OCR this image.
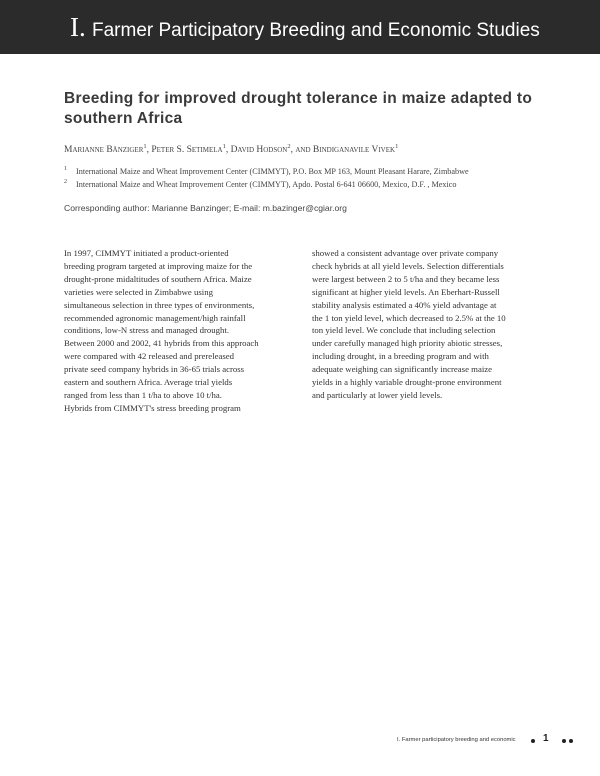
I. Farmer Participatory Breeding and Economic Studies
Breeding for improved drought tolerance in maize adapted to southern Africa
Marianne Bänziger$^1$, Peter S. Setimela$^1$, David Hodson$^2$, and Bindiganavile Vivek$^1$
1 International Maize and Wheat Improvement Center (CIMMYT), P.O. Box MP 163, Mount Pleasant Harare, Zimbabwe
2 International Maize and Wheat Improvement Center (CIMMYT), Apdo. Postal 6-641 06600, Mexico, D.F. , Mexico
Corresponding author: Marianne Banzinger; E-mail: m.bazinger@cgiar.org

In 1997, CIMMYT initiated a product-oriented
breeding program targeted at improving maize for the
drought-prone midaltitudes of southern Africa. Maize
varieties were selected in Zimbabwe using
simultaneous selection in three types of environments,
recommended agronomic management/high rainfall
conditions, low-N stress and managed drought.
Between 2000 and 2002, 41 hybrids from this approach
were compared with 42 released and prereleased
private seed company hybrids in 36-65 trials across
eastern and southern Africa. Average trial yields
ranged from less than 1 t/ha to above 10 t/ha.
Hybrids from CIMMYT's stress breeding program

showed a consistent advantage over private company
check hybrids at all yield levels. Selection differentials
were largest between 2 to 5 t/ha and they became less
significant at higher yield levels. An Eberhart-Russell
stability analysis estimated a 40% yield advantage at
the 1 ton yield level, which decreased to 2.5% at the 10
ton yield level. We conclude that including selection
under carefully managed high priority abiotic stresses,
including drought, in a breeding program and with
adequate weighing can significantly increase maize
yields in a highly variable drought-prone environment
and particularly at lower yield levels.

I. Farmer participatory breeding and economic	1
